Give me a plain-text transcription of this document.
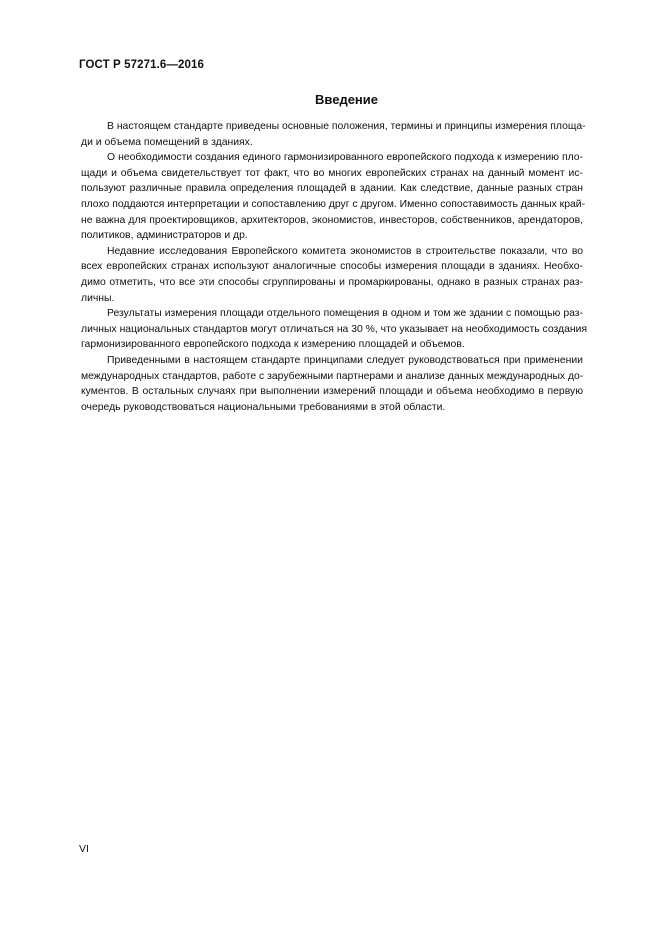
ГОСТ Р 57271.6—2016
Введение
В настоящем стандарте приведены основные положения, термины и принципы измерения площа-
ди и объема помещений в зданиях.
О необходимости создания единого гармонизированного европейского подхода к измерению пло-
щади и объема свидетельствует тот факт, что во многих европейских странах на данный момент ис-
пользуют различные правила определения площадей в здании. Как следствие, данные разных стран
плохо поддаются интерпретации и сопоставлению друг с другом. Именно сопоставимость данных край-
не важна для проектировщиков, архитекторов, экономистов, инвесторов, собственников, арендаторов,
политиков, администраторов и др.
Недавние исследования Европейского комитета экономистов в строительстве показали, что во
всех европейских странах используют аналогичные способы измерения площади в зданиях. Необхо-
димо отметить, что все эти способы сгруппированы и промаркированы, однако в разных странах раз-
личны.
Результаты измерения площади отдельного помещения в одном и том же здании с помощью раз-
личных национальных стандартов могут отличаться на 30 %, что указывает на необходимость создания
гармонизированного европейского подхода к измерению площадей и объемов.
Приведенными в настоящем стандарте принципами следует руководствоваться при применении
международных стандартов, работе с зарубежными партнерами и анализе данных международных до-
кументов. В остальных случаях при выполнении измерений площади и объема необходимо в первую
очередь руководствоваться национальными требованиями в этой области.
VI
